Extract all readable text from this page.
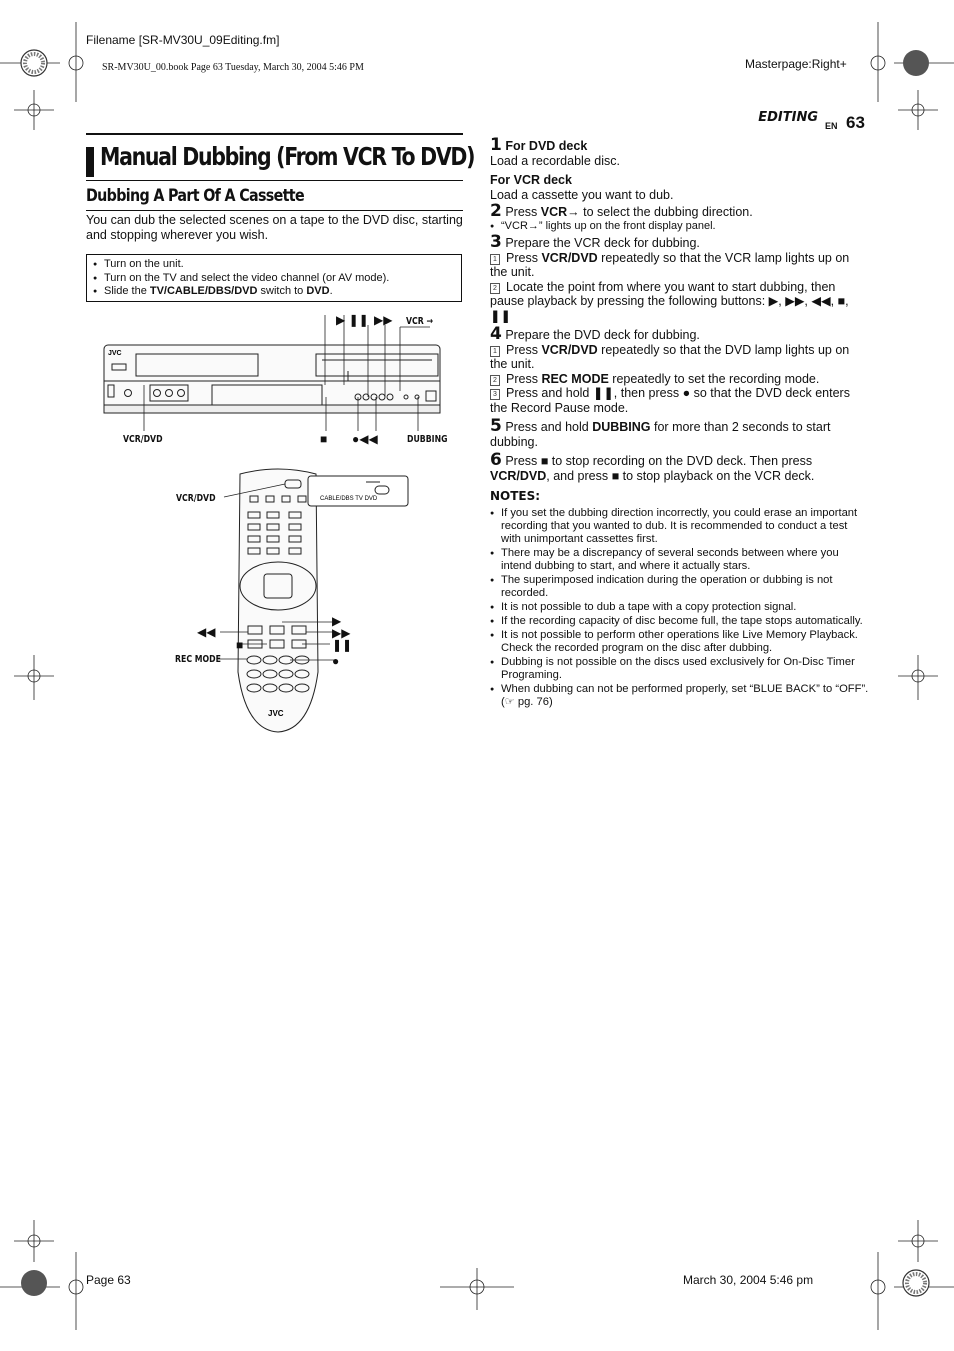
Filename [SR-MV30U_09Editing.fm]
SR-MV30U_00.book Page 63 Tuesday, March 30, 2004 5:46 PM	Masterpage:Right+
EDITING
EN 63
Manual Dubbing (From VCR To DVD)
Dubbing A Part Of A Cassette
You can dub the selected scenes on a tape to the DVD disc, starting and stopping wherever you wish.
● Turn on the unit.
● Turn on the TV and select the video channel (or AV mode).
● Slide the TV/CABLE/DBS/DVD switch to DVD.
JVC
▶ ❚❚ ▶▶ VCR →
VCR/DVD	■ ●◀◀	DUBBING
CABLE/DBS TV DVD
JVC
VCR/DVD
◀◀
■
▶
▶▶
❚❚
REC MODE	●

1 For DVD deck

Load a recordable disc.

For VCR deck

Load a cassette you want to dub.

2 Press VCR→ to select the dubbing direction.

● “VCR→” lights up on the front display panel.

3 Prepare the VCR deck for dubbing.

1 Press VCR/DVD repeatedly so that the VCR lamp lights up on the unit.

2 Locate the point from where you want to start dubbing, then pause playback by pressing the following buttons: ▶, ▶▶, ◀◀, ■, ❚❚

4 Prepare the DVD deck for dubbing.

1 Press VCR/DVD repeatedly so that the DVD lamp lights up on the unit.

2 Press REC MODE repeatedly to set the recording mode.

3 Press and hold ❚❚, then press ● so that the DVD deck enters the Record Pause mode.

5 Press and hold DUBBING for more than 2 seconds to start dubbing.

6 Press ■ to stop recording on the DVD deck. Then press VCR/DVD, and press ■ to stop playback on the VCR deck.

NOTES:

● If you set the dubbing direction incorrectly, you could erase an important recording that you wanted to dub. It is recommended to conduct a test with unimportant cassettes first.
● There may be a discrepancy of several seconds between where you intend dubbing to start, and where it actually stars.
● The superimposed indication during the operation or dubbing is not recorded.
● It is not possible to dub a tape with a copy protection signal.
● If the recording capacity of disc become full, the tape stops automatically.
● It is not possible to perform other operations like Live Memory Playback. Check the recorded program on the disc after dubbing.
● Dubbing is not possible on the discs used exclusively for On-Disc Timer Programing.
● When dubbing can not be performed properly, set “BLUE BACK” to “OFF”. (☞ pg. 76)
Page 63	March 30, 2004 5:46 pm
